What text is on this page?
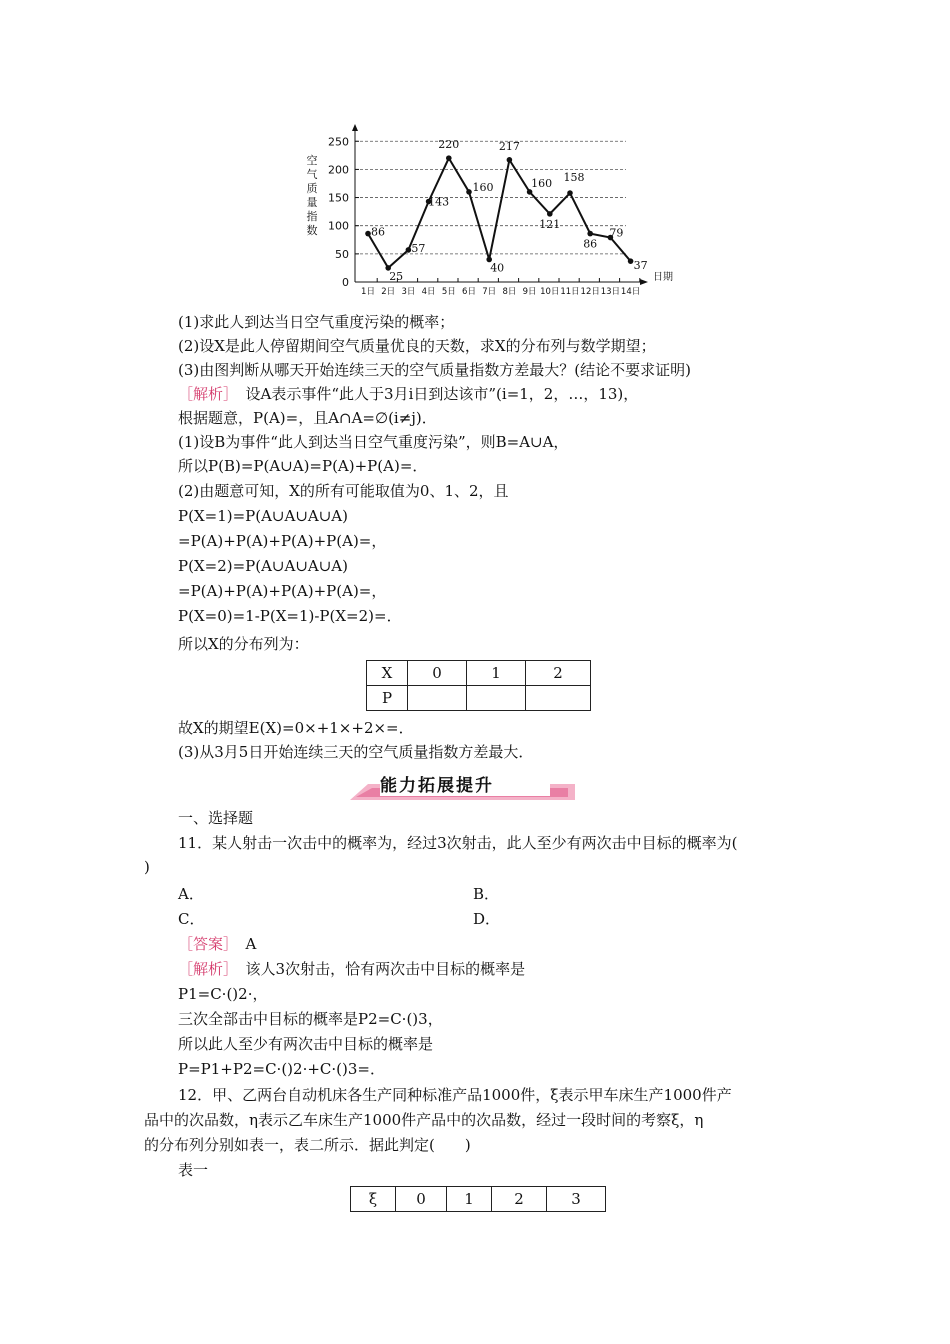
空
气
质
量
指
数
0
50
100
150
200
250
1日 2日 3日 4日 5日 6日 7日 8日 9日 10日 11日 12日 13日 14日
86
25
57
143
220
160
40
217
160
121
158
86
79
37
日期
(1)求此人到达当日空气重度污染的概率；
(2)设X是此人停留期间空气质量优良的天数，求X的分布列与数学期望；
(3)由图判断从哪天开始连续三天的空气质量指数方差最大？(结论不要求证明)
［解析］　 设A表示事件“此人于3月i日到达该市”(i=1，2，…，13)，
根据题意，P(A)=，且A∩A=∅(i≠j)．
(1)设B为事件“此人到达当日空气重度污染”，则B=A∪A，
所以P(B)=P(A∪A)=P(A)+P(A)=．
(2)由题意可知，X的所有可能取值为0、1、2，且
P(X=1)=P(A∪A∪A∪A)
=P(A)+P(A)+P(A)+P(A)=，
P(X=2)=P(A∪A∪A∪A)
=P(A)+P(A)+P(A)+P(A)=，
P(X=0)=1-P(X=1)-P(X=2)=．
所以X的分布列为：
X	0	1	2
P			
故X的期望E(X)=0×+1×+2×=．
(3)从3月5日开始连续三天的空气质量指数方差最大．
能力拓展提升
一、选择题
11．某人射击一次击中的概率为，经过3次射击，此人至少有两次击中目标的概率为(
)
A．	B．
C．	D．
［答案］　 A
［解析］　 该人3次射击，恰有两次击中目标的概率是
P1=C·()2·，
三次全部击中目标的概率是P2=C·()3，
所以此人至少有两次击中目标的概率是
P=P1+P2=C·()2·+C·()3=．
12．甲、乙两台自动机床各生产同种标准产品1000件，ξ表示甲车床生产1000件产
品中的次品数，η表示乙车床生产1000件产品中的次品数，经过一段时间的考察ξ，η
的分布列分别如表一，表二所示．据此判定(　　)
表一
ξ	0	1	2	3
